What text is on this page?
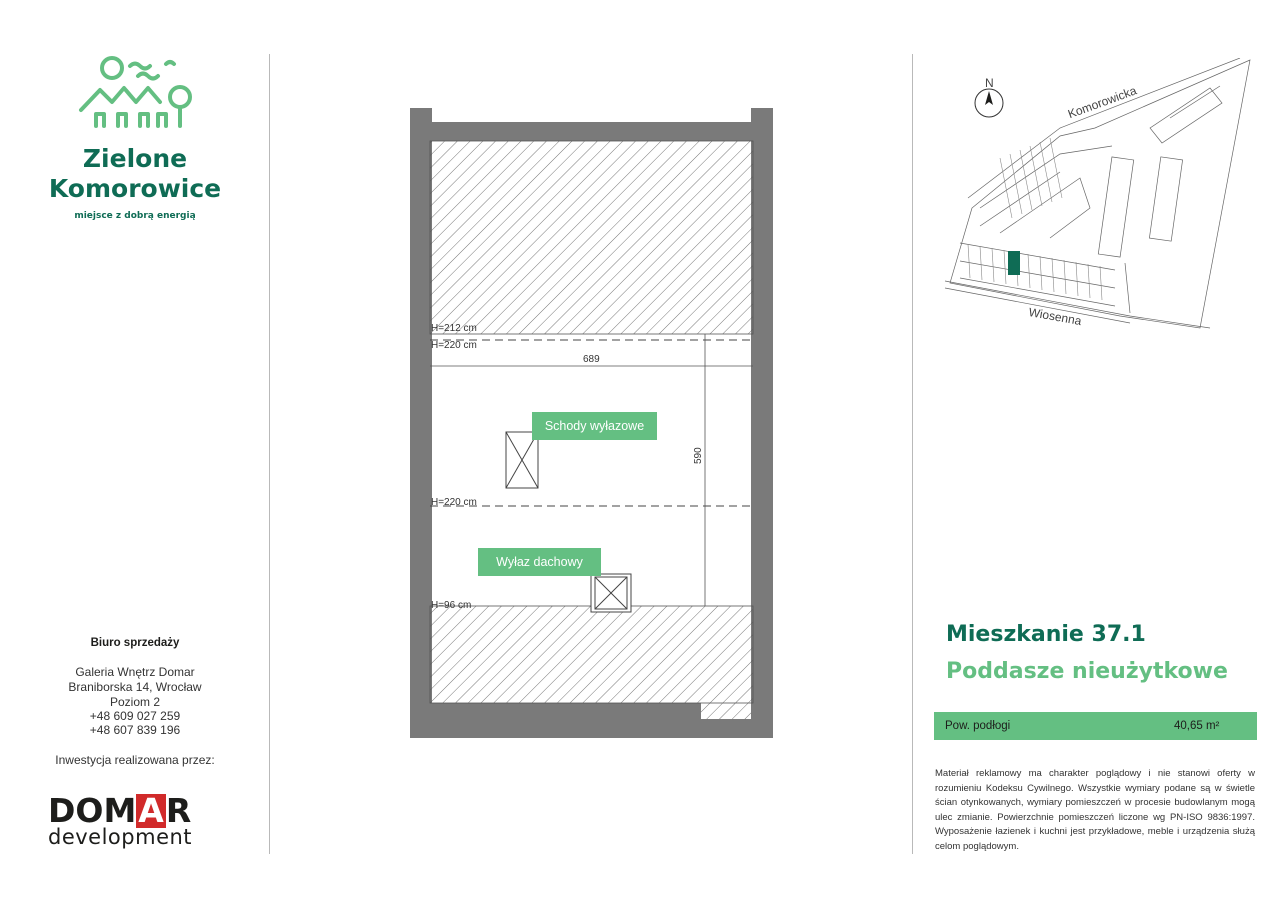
Zielone
Komorowice
miejsce z dobrą energią
Biuro sprzedaży
Galeria Wnętrz Domar
Braniborska 14, Wrocław
Poziom 2
+48 609 027 259
+48 607 839 196
Inwestycja realizowana przez:
DOMAR
development
H=212 cm
H=220 cm
H=220 cm
H=96 cm
689
590
Schody wyłazowe
Wyłaz dachowy
N
Komorowicka
Wiosenna
Mieszkanie 37.1
Poddasze nieużytkowe
Pow. podłogi	40,65 m²
Materiał reklamowy ma charakter poglądowy i nie stanowi oferty w rozumieniu Kodeksu Cywilnego. Wszystkie wymiary podane są w świetle ścian otynkowanych, wymiary pomieszczeń w procesie budowlanym mogą ulec zmianie. Powierzchnie pomieszczeń liczone wg PN-ISO 9836:1997. Wyposażenie łazienek i kuchni jest przykładowe, meble i urządzenia służą celom poglądowym.
